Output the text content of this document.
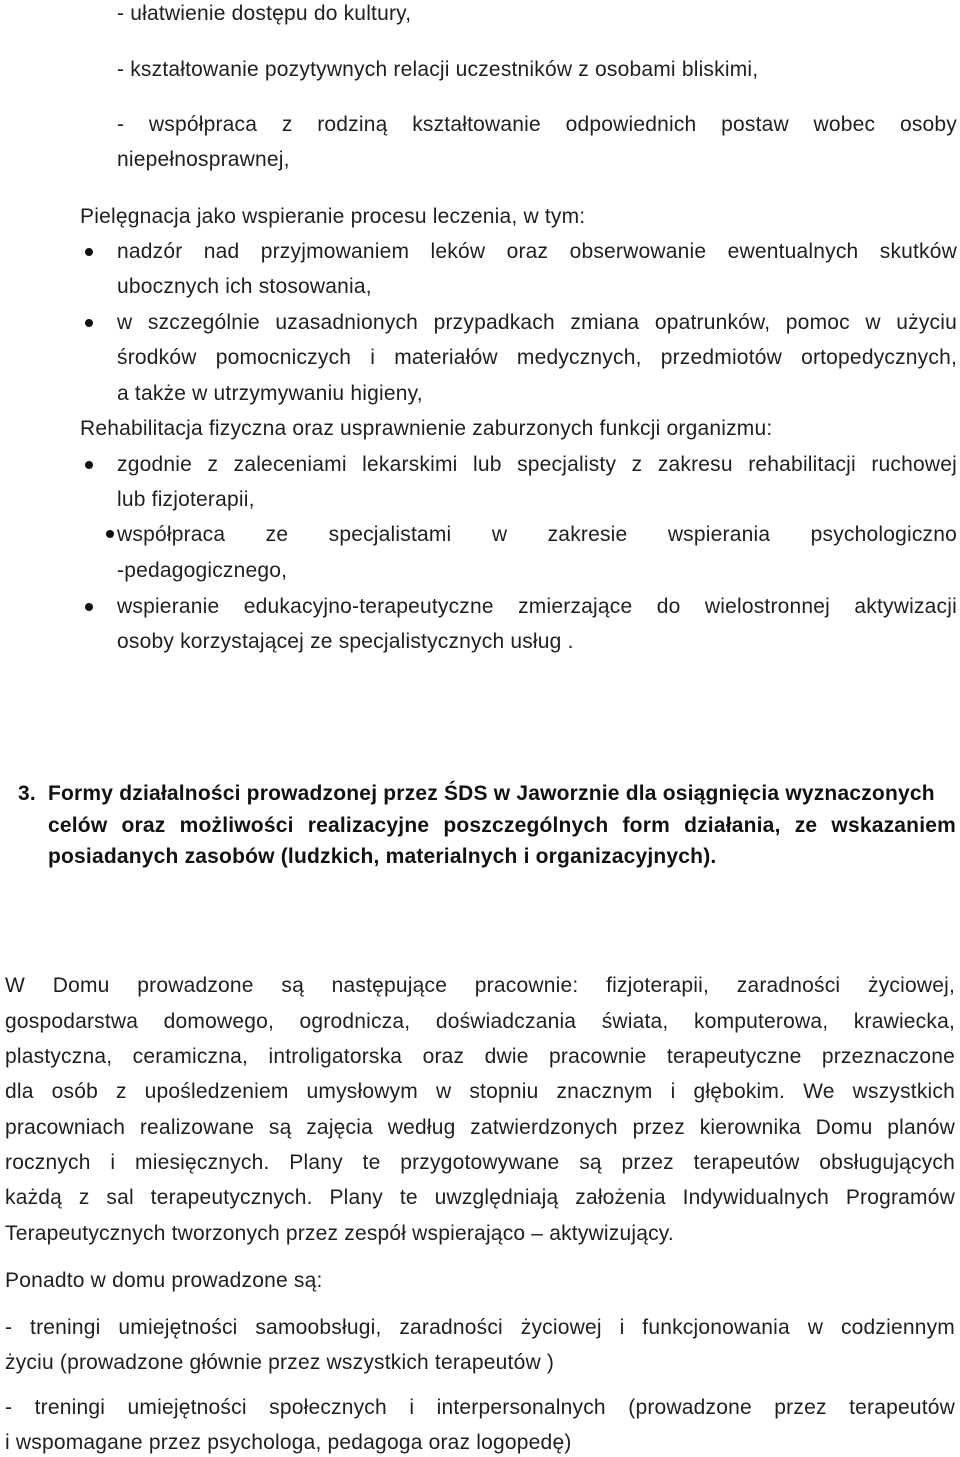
- ułatwienie dostępu do kultury,
- kształtowanie pozytywnych relacji uczestników z osobami bliskimi,
- współpraca z rodziną kształtowanie odpowiednich postaw wobec osoby
niepełnosprawnej,
Pielęgnacja jako wspieranie procesu leczenia, w tym:
nadzór nad przyjmowaniem leków oraz obserwowanie ewentualnych skutków
ubocznych ich stosowania,
w szczególnie uzasadnionych przypadkach zmiana opatrunków, pomoc w użyciu
środków pomocniczych i materiałów medycznych, przedmiotów ortopedycznych,
a także w utrzymywaniu higieny,
Rehabilitacja fizyczna oraz usprawnienie zaburzonych funkcji organizmu:
zgodnie z zaleceniami lekarskimi lub specjalisty z zakresu rehabilitacji ruchowej
lub fizjoterapii,
współpraca ze specjalistami w zakresie wspierania psychologiczno
-pedagogicznego,
wspieranie edukacyjno-terapeutyczne zmierzające do wielostronnej aktywizacji
osoby korzystającej ze specjalistycznych usług .
3. Formy działalności prowadzonej przez ŚDS w Jaworznie dla osiągnięcia wyznaczonych
celów oraz możliwości realizacyjne poszczególnych form działania, ze wskazaniem
posiadanych zasobów (ludzkich, materialnych i organizacyjnych).
W Domu prowadzone są następujące pracownie: fizjoterapii, zaradności życiowej,
gospodarstwa domowego, ogrodnicza, doświadczania świata, komputerowa, krawiecka,
plastyczna, ceramiczna, introligatorska oraz dwie pracownie terapeutyczne przeznaczone
dla osób z upośledzeniem umysłowym w stopniu znacznym i głębokim. We wszystkich
pracowniach realizowane są zajęcia według zatwierdzonych przez kierownika Domu planów
rocznych i miesięcznych. Plany te przygotowywane są przez terapeutów obsługujących
każdą z sal terapeutycznych. Plany te uwzględniają założenia Indywidualnych Programów
Terapeutycznych tworzonych przez zespół wspierająco – aktywizujący.
Ponadto w domu prowadzone są:
- treningi umiejętności samoobsługi, zaradności życiowej i funkcjonowania w codziennym
życiu (prowadzone głównie przez wszystkich terapeutów )
- treningi umiejętności społecznych i interpersonalnych (prowadzone przez terapeutów
i wspomagane przez psychologa, pedagoga oraz logopedę)
